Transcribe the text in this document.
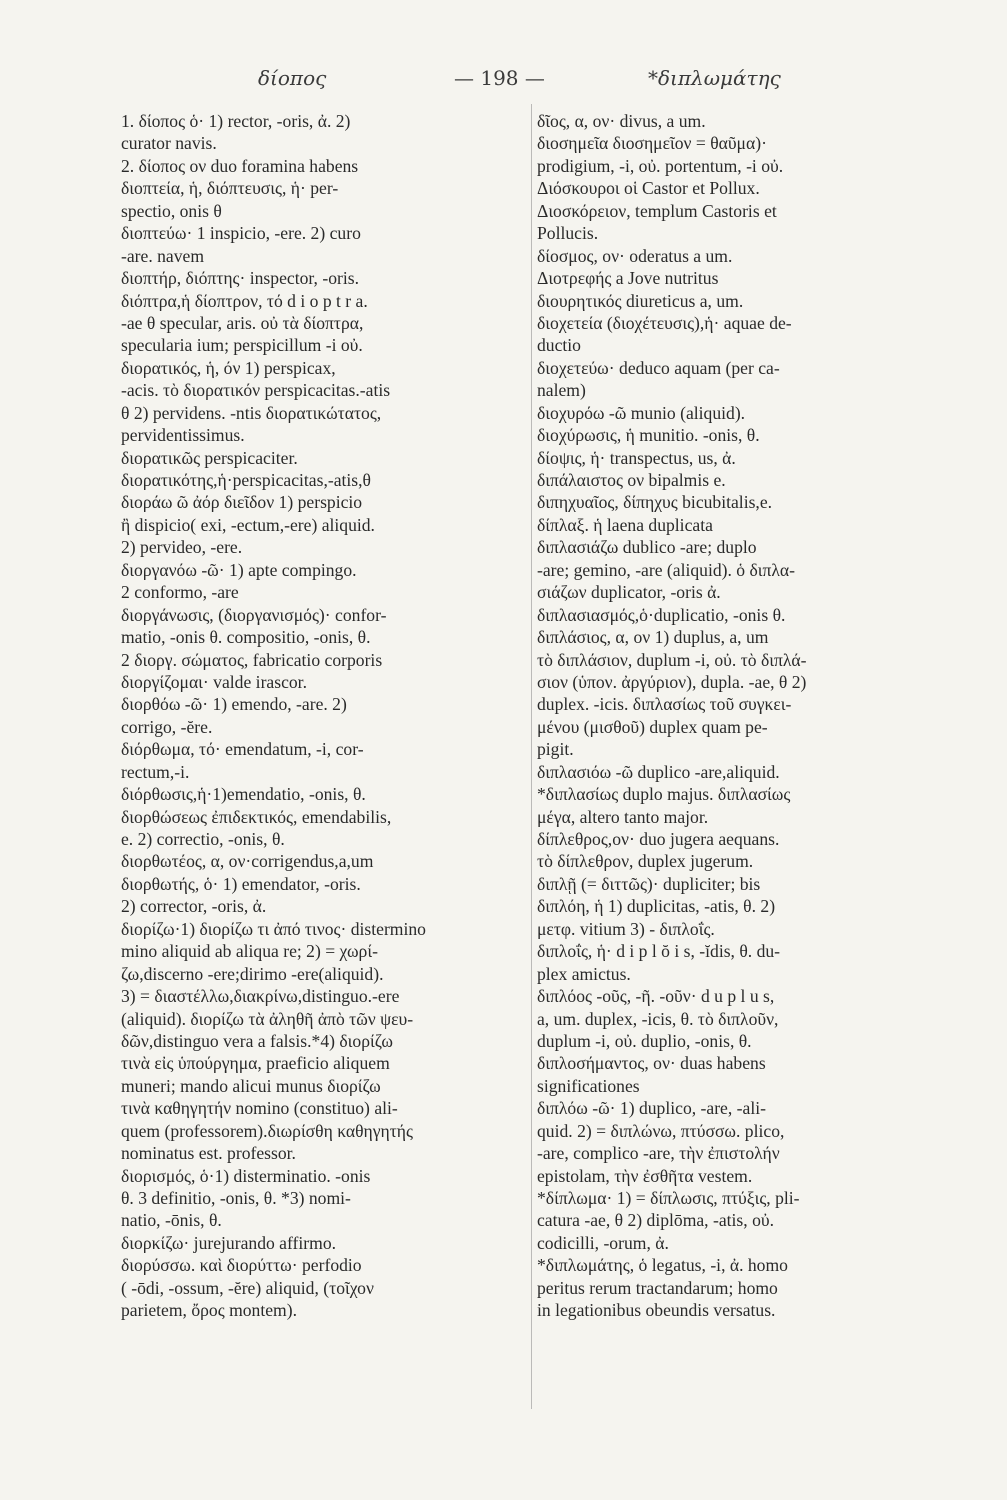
δίοπος	— 198 —	*διπλωμάτης
1. δίοπος ὁ· 1) rector, -oris, ἀ. 2)
curator navis.
2. δίοπος ον duo foramina habens
διοπτεία, ἡ, διόπτευσις, ἡ· per-
spectio, onis θ
διοπτεύω· 1 inspicio, -ere. 2) curo
-are. navem
διοπτήρ, διόπτης· inspector, -oris.
διόπτρα,ἡ δίοπτρον, τό d i o p t r a.
-ae θ specular, aris. οὐ τὰ δίοπτρα,
specularia ium; perspicillum -i οὐ.
διορατικός, ἡ, όν 1) perspicax,
-acis. τὸ διορατικόν perspicacitas.-atis
θ 2) pervidens. -ntis διορατικώτατος,
pervidentissimus.
διορατικῶς perspicaciter.
διορατικότης,ἡ·perspicacitas,-atis,θ
διοράω ῶ ἀόρ διεῖδον 1) perspicio
ἢ dispicio( exi, -ectum,-ere) aliquid.
2) pervideo, -ere.
διοργανόω -ῶ· 1) apte compingo.
2 conformo, -are
διοργάνωσις, (διοργανισμός)· confor-
matio, -onis θ. compositio, -onis, θ.
2 διοργ. σώματος, fabricatio corporis
διοργίζομαι· valde irascor.
διορθόω -ῶ· 1) emendo, -are. 2)
corrigo, -ĕre.
διόρθωμα, τό· emendatum, -i, cor-
rectum,-i.
διόρθωσις,ἡ·1)emendatio, -onis, θ.
διορθώσεως ἐπιδεκτικός, emendabilis,
e. 2) correctio, -onis, θ.
διορθωτέος, α, ον·corrigendus,a,um
διορθωτής, ὁ· 1) emendator, -oris.
2) corrector, -oris, ἀ.
διορίζω·1) διορίζω τι ἀπό τινος· distermino
mino aliquid ab aliqua re; 2) = χωρί-
ζω,discerno -ere;dirimo -ere(aliquid).
3) = διαστέλλω,διακρίνω,distinguo.-ere
(aliquid). διορίζω τὰ ἀληθῆ ἀπὸ τῶν ψευ-
δῶν,distinguo vera a falsis.*4) διορίζω
τινὰ εἰς ὑπούργημα, praeficio aliquem
muneri; mando alicui munus διορίζω
τινὰ καθηγητήν nomino (constituo) ali-
quem (professorem).διωρίσθη καθηγητής
nominatus est. professor.
διορισμός, ὁ·1) disterminatio. -onis
θ. 3 definitio, -onis, θ. *3) nomi-
natio, -ōnis, θ.
διορκίζω· jurejurando affirmo.
διορύσσω. καὶ διορύττω· perfodio
( -ōdi, -ossum, -ĕre) aliquid, (τοῖχον
parietem, ὄρος montem).
δῖος, α, ον· divus, a um.
διοσημεῖα διοσημεῖον = θαῦμα)·
prodigium, -i, οὐ. portentum, -i οὐ.
Διόσκουροι οἱ Castor et Pollux.
Διοσκόρειον, templum Castoris et
Pollucis.
δίοσμος, ον· oderatus a um.
Διοτρεφής a Jove nutritus
διουρητικός diureticus a, um.
διοχετεία (διοχέτευσις),ἡ· aquae de-
ductio
διοχετεύω· deduco aquam (per ca-
nalem)
διοχυρόω -ῶ munio (aliquid).
διοχύρωσις, ἡ munitio. -onis, θ.
δίοψις, ἡ· transpectus, us, ἀ.
διπάλαιστος ον bipalmis e.
διπηχυαῖος, δίπηχυς bicubitalis,e.
δίπλαξ. ἡ laena duplicata
διπλασιάζω dublico -are; duplo
-are; gemino, -are (aliquid). ὁ διπλα-
σιάζων duplicator, -oris ἀ.
διπλασιασμός,ὁ·duplicatio, -onis θ.
διπλάσιος, α, ον 1) duplus, a, um
τὸ διπλάσιον, duplum -i, οὐ. τὸ διπλά-
σιον (ὑπον. ἀργύριον), dupla. -ae, θ 2)
duplex. -icis. διπλασίως τοῦ συγκει-
μένου (μισθοῦ) duplex quam pe-
pigit.
διπλασιόω -ῶ duplico -are,aliquid.
*διπλασίως duplo majus. διπλασίως
μέγα, altero tanto major.
δίπλεθρος,ον· duo jugera aequans.
τὸ δίπλεθρον, duplex jugerum.
διπλῇ (= διττῶς)· dupliciter; bis
διπλόη, ἡ 1) duplicitas, -atis, θ. 2)
μετφ. vitium 3) - διπλοΐς.
διπλοΐς, ἡ· d i p l ŏ i s, -ĭdis, θ. du-
plex amictus.
διπλόος -οῦς, -ῆ. -οῦν· d u p l u s,
a, um. duplex, -icis, θ. τὸ διπλοῦν,
duplum -i, οὐ. duplio, -onis, θ.
διπλοσήμαντος, ον· duas habens
significationes
διπλόω -ῶ· 1) duplico, -are, -ali-
quid. 2) = διπλώνω, πτύσσω. plico,
-are, complico -are, τὴν ἐπιστολήν
epistolam, τὴν ἐσθῆτα vestem.
*δίπλωμα· 1) = δίπλωσις, πτύξις, pli-
catura -ae, θ 2) diplōma, -atis, οὐ.
codicilli, -orum, ἀ.
*διπλωμάτης, ὁ legatus, -i, ἀ. homo
peritus rerum tractandarum; homo
in legationibus obeundis versatus.
